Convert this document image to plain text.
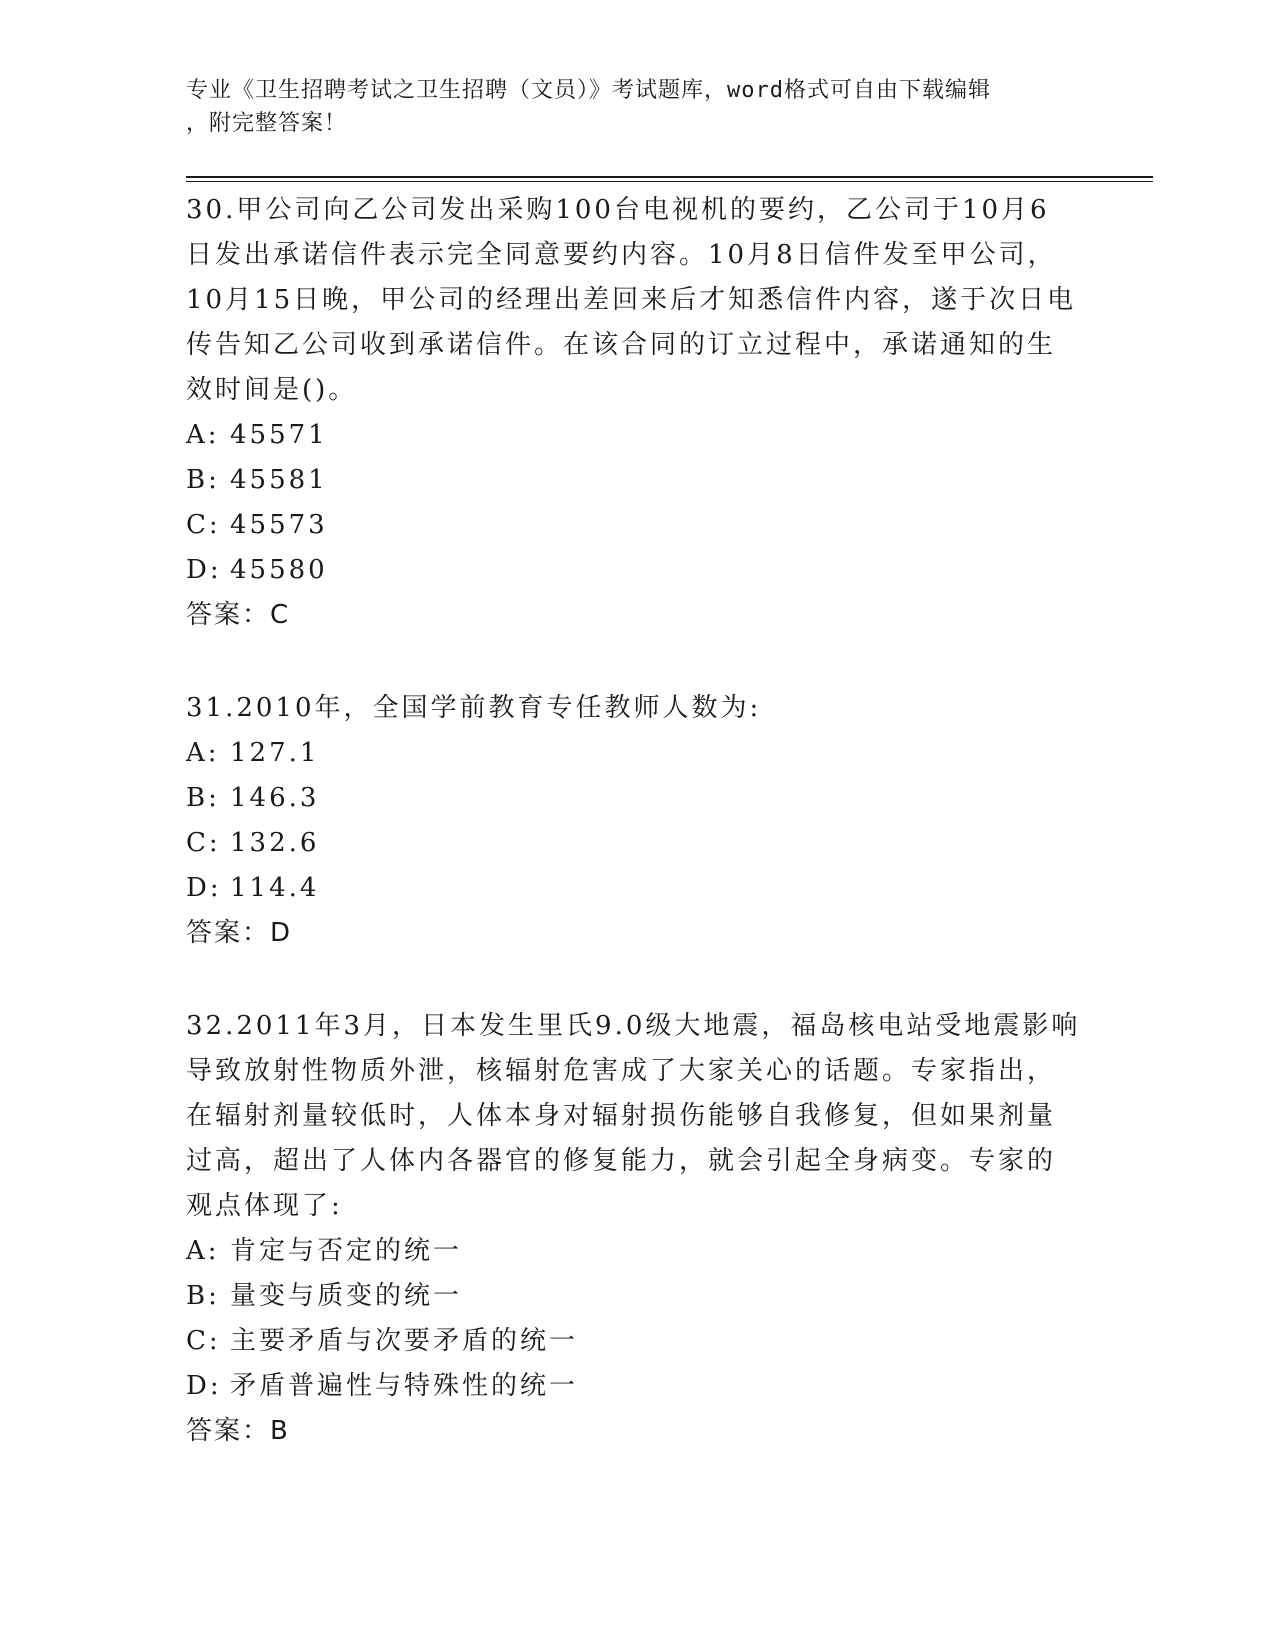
专业《卫生招聘考试之卫生招聘（文员）》考试题库，word格式可自由下载编辑
，附完整答案！

30.甲公司向乙公司发出采购100台电视机的要约，乙公司于10月6

日发出承诺信件表示完全同意要约内容。10月8日信件发至甲公司，

10月15日晚，甲公司的经理出差回来后才知悉信件内容，遂于次日电

传告知乙公司收到承诺信件。在该合同的订立过程中，承诺通知的生

效时间是()。

A: 45571

B: 45581

C: 45573

D: 45580

答案：C

31.2010年，全国学前教育专任教师人数为:

A: 127.1

B: 146.3

C: 132.6

D: 114.4

答案：D

32.2011年3月，日本发生里氏9.0级大地震，福岛核电站受地震影响

导致放射性物质外泄，核辐射危害成了大家关心的话题。专家指出，

在辐射剂量较低时，人体本身对辐射损伤能够自我修复，但如果剂量

过高，超出了人体内各器官的修复能力，就会引起全身病变。专家的

观点体现了:

A: 肯定与否定的统一

B: 量变与质变的统一

C: 主要矛盾与次要矛盾的统一

D: 矛盾普遍性与特殊性的统一

答案：B
